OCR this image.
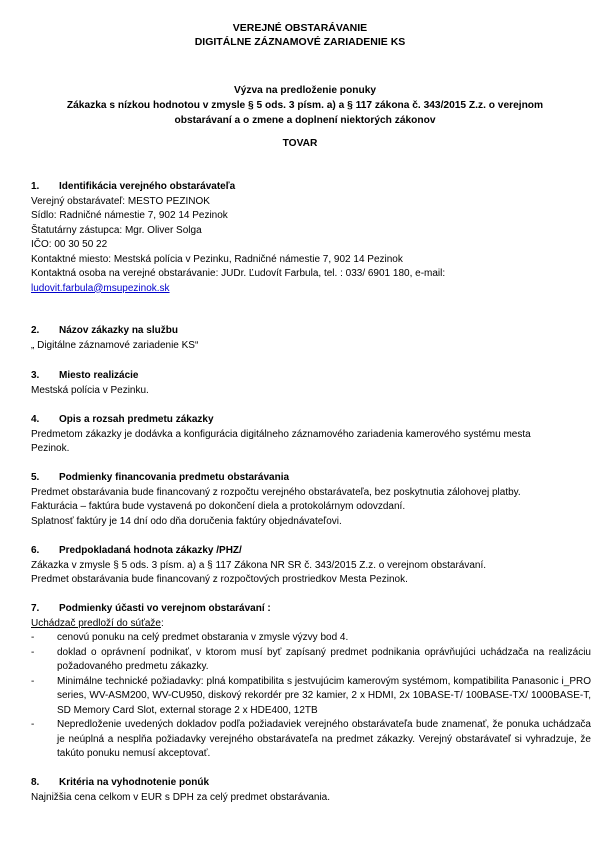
VEREJNÉ OBSTARÁVANIE
DIGITÁLNE ZÁZNAMOVÉ ZARIADENIE KS
Výzva na predloženie ponuky
Zákazka s nízkou hodnotou v zmysle § 5 ods. 3 písm. a) a § 117 zákona č. 343/2015 Z.z. o verejnom
obstarávaní a o zmene a doplnení niektorých zákonov
TOVAR
1.	Identifikácia verejného obstarávateľa

Verejný obstarávateľ: MESTO PEZINOK

Sídlo: Radničné námestie 7, 902 14 Pezinok

Štatutárny zástupca: Mgr. Oliver Solga

IČO: 00 30 50 22

Kontaktné miesto: Mestská polícia v Pezinku, Radničné námestie 7, 902 14 Pezinok

Kontaktná osoba na verejné obstarávanie: JUDr. Ľudovít Farbula, tel. : 033/ 6901 180, e-mail:

ludovit.farbula@msupezinok.sk

2.	Názov zákazky na službu

„ Digitálne záznamové zariadenie KS“

3.	Miesto realizácie

Mestská polícia v Pezinku.

4.	Opis a rozsah predmetu zákazky

Predmetom zákazky je dodávka a konfigurácia digitálneho záznamového zariadenia kamerového systému mesta

Pezinok.

5.	Podmienky financovania predmetu obstarávania

Predmet obstarávania bude financovaný z rozpočtu verejného obstarávateľa, bez poskytnutia zálohovej platby.

Fakturácia – faktúra bude vystavená po dokončení diela a protokolárnym odovzdaní.

Splatnosť faktúry je 14 dní odo dňa doručenia faktúry objednávateľovi.

6.	Predpokladaná hodnota zákazky /PHZ/

Zákazka v zmysle § 5 ods. 3 písm. a) a § 117 Zákona NR SR č. 343/2015 Z.z. o verejnom obstarávaní.

Predmet obstarávania bude financovaný z rozpočtových prostriedkov Mesta Pezinok.

7.	Podmienky účasti vo verejnom obstarávaní :

Uchádzač predloží do súťaže:

-	cenovú ponuku na celý predmet obstarania v zmysle výzvy bod 4.
-	doklad o oprávnení podnikať, v ktorom musí byť zapísaný predmet podnikania oprávňujúci uchádzača na realizáciu požadovaného predmetu zákazky.
-	Minimálne technické požiadavky: plná kompatibilita s jestvujúcim kamerovým systémom, kompatibilita Panasonic i_PRO series, WV-ASM200, WV-CU950, diskový rekordér pre 32 kamier, 2 x HDMI, 2x 10BASE-T/ 100BASE-TX/ 1000BASE-T, SD Memory Card Slot, external storage 2 x HDE400, 12TB
-	Nepredloženie uvedených dokladov podľa požiadaviek verejného obstarávateľa bude znamenať, že ponuka uchádzača je neúplná a nesplňa požiadavky verejného obstarávateľa na predmet zákazky. Verejný obstarávateľ si vyhradzuje, že takúto ponuku nemusí akceptovať.
8.	Kritéria na vyhodnotenie ponúk

Najnižšia cena celkom v EUR s DPH za celý predmet obstarávania.
